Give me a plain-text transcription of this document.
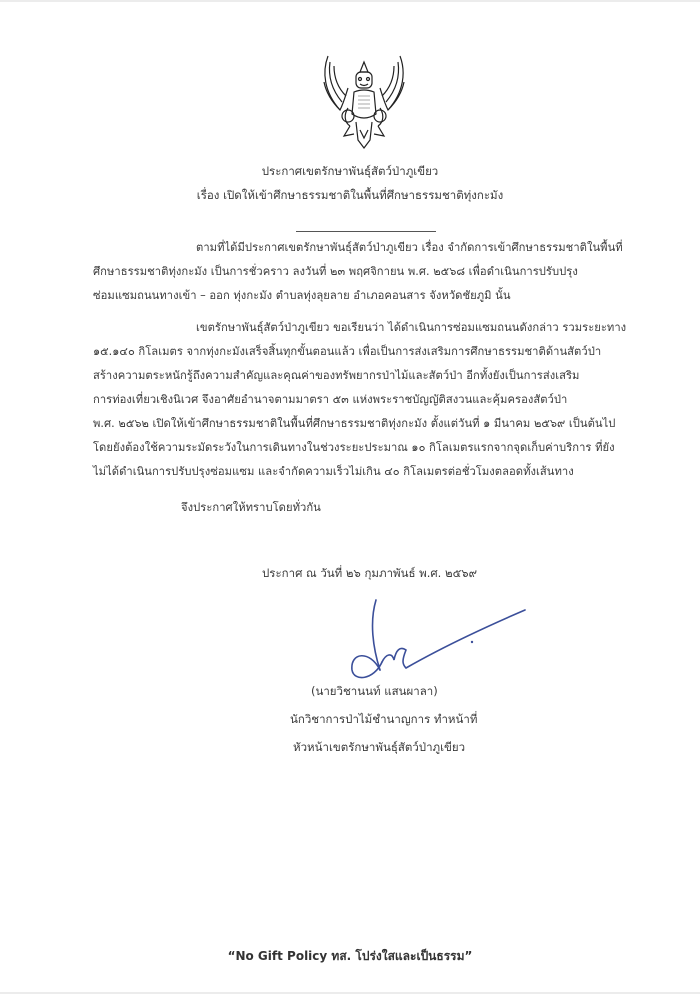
ประกาศเขตรักษาพันธุ์สัตว์ป่าภูเขียว
เรื่อง เปิดให้เข้าศึกษาธรรมชาติในพื้นที่ศึกษาธรรมชาติทุ่งกะมัง
ตามที่ได้มีประกาศเขตรักษาพันธุ์สัตว์ป่าภูเขียว เรื่อง จำกัดการเข้าศึกษาธรรมชาติในพื้นที่
ศึกษาธรรมชาติทุ่งกะมัง เป็นการชั่วคราว ลงวันที่ ๒๓ พฤศจิกายน พ.ศ. ๒๕๖๘ เพื่อดำเนินการปรับปรุง
ซ่อมแซมถนนทางเข้า – ออก ทุ่งกะมัง ตำบลทุ่งลุยลาย อำเภอคอนสาร จังหวัดชัยภูมิ นั้น
เขตรักษาพันธุ์สัตว์ป่าภูเขียว ขอเรียนว่า ได้ดำเนินการซ่อมแซมถนนดังกล่าว รวมระยะทาง
๑๕.๑๔๐ กิโลเมตร จากทุ่งกะมังเสร็จสิ้นทุกขั้นตอนแล้ว เพื่อเป็นการส่งเสริมการศึกษาธรรมชาติด้านสัตว์ป่า
สร้างความตระหนักรู้ถึงความสำคัญและคุณค่าของทรัพยากรป่าไม้และสัตว์ป่า อีกทั้งยังเป็นการส่งเสริม
การท่องเที่ยวเชิงนิเวศ จึงอาศัยอำนาจตามมาตรา ๕๓ แห่งพระราชบัญญัติสงวนและคุ้มครองสัตว์ป่า
พ.ศ. ๒๕๖๒ เปิดให้เข้าศึกษาธรรมชาติในพื้นที่ศึกษาธรรมชาติทุ่งกะมัง ตั้งแต่วันที่ ๑ มีนาคม ๒๕๖๙ เป็นต้นไป
โดยยังต้องใช้ความระมัดระวังในการเดินทางในช่วงระยะประมาณ ๑๐ กิโลเมตรแรกจากจุดเก็บค่าบริการ ที่ยัง
ไม่ได้ดำเนินการปรับปรุงซ่อมแซม และจำกัดความเร็วไม่เกิน ๔๐ กิโลเมตรต่อชั่วโมงตลอดทั้งเส้นทาง
จึงประกาศให้ทราบโดยทั่วกัน
ประกาศ ณ วันที่ ๒๖ กุมภาพันธ์ พ.ศ. ๒๕๖๙
(นายวิชานนท์ แสนผาลา)
นักวิชาการป่าไม้ชำนาญการ ทำหน้าที่
หัวหน้าเขตรักษาพันธุ์สัตว์ป่าภูเขียว
“No Gift Policy ทส. โปร่งใสและเป็นธรรม”
